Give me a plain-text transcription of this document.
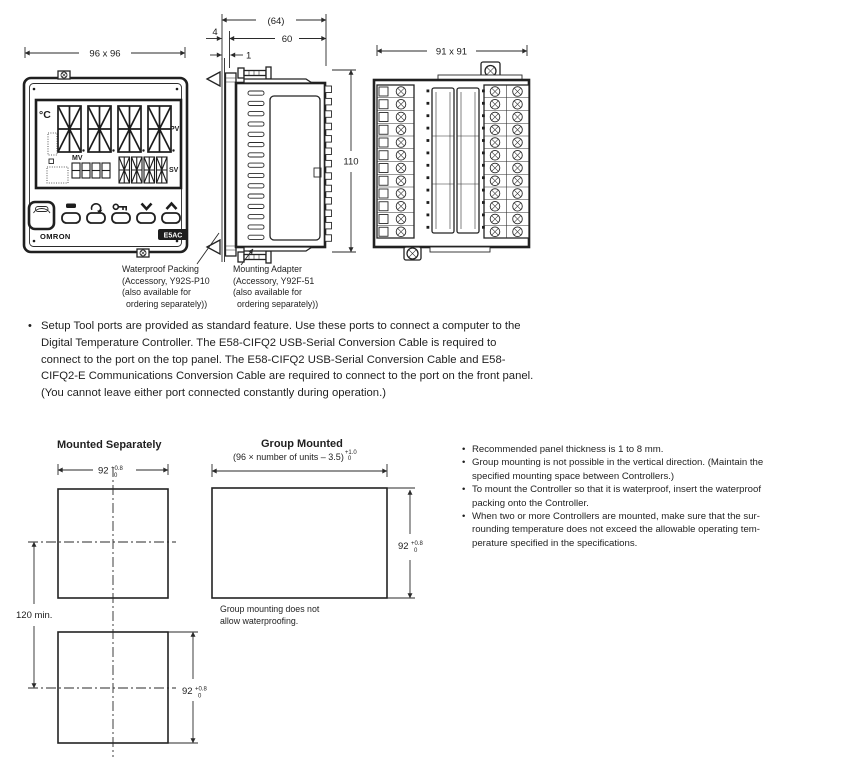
96 x 96
°C
PV
SV
MV
OMRON	E5AC
(64)
60
4
1
110
91 x 91
Waterproof Packing
(Accessory, Y92S-P10
(also available for
ordering separately))
Mounting Adapter
(Accessory, Y92F-51
(also available for
ordering separately))
• Setup Tool ports are provided as standard feature. Use these ports to connect a computer to the
Digital Temperature Controller. The E58-CIFQ2 USB-Serial Conversion Cable is required to
connect to the port on the top panel. The E58-CIFQ2 USB-Serial Conversion Cable and E58-
CIFQ2-E Communications Conversion Cable are required to connect to the port on the front panel.
(You cannot leave either port connected constantly during operation.)
Mounted Separately	Group Mounted
(96 × number of units – 3.5) +1.0
0
92 +0.8
0
120 min.
92 +0.8
0
92 +0.8
0
Group mounting does not
allow waterproofing.
• Recommended panel thickness is 1 to 8 mm.
• Group mounting is not possible in the vertical direction. (Maintain the
specified mounting space between Controllers.)
• To mount the Controller so that it is waterproof, insert the waterproof
packing onto the Controller.
• When two or more Controllers are mounted, make sure that the sur-
rounding temperature does not exceed the allowable operating tem-
perature specified in the specifications.
